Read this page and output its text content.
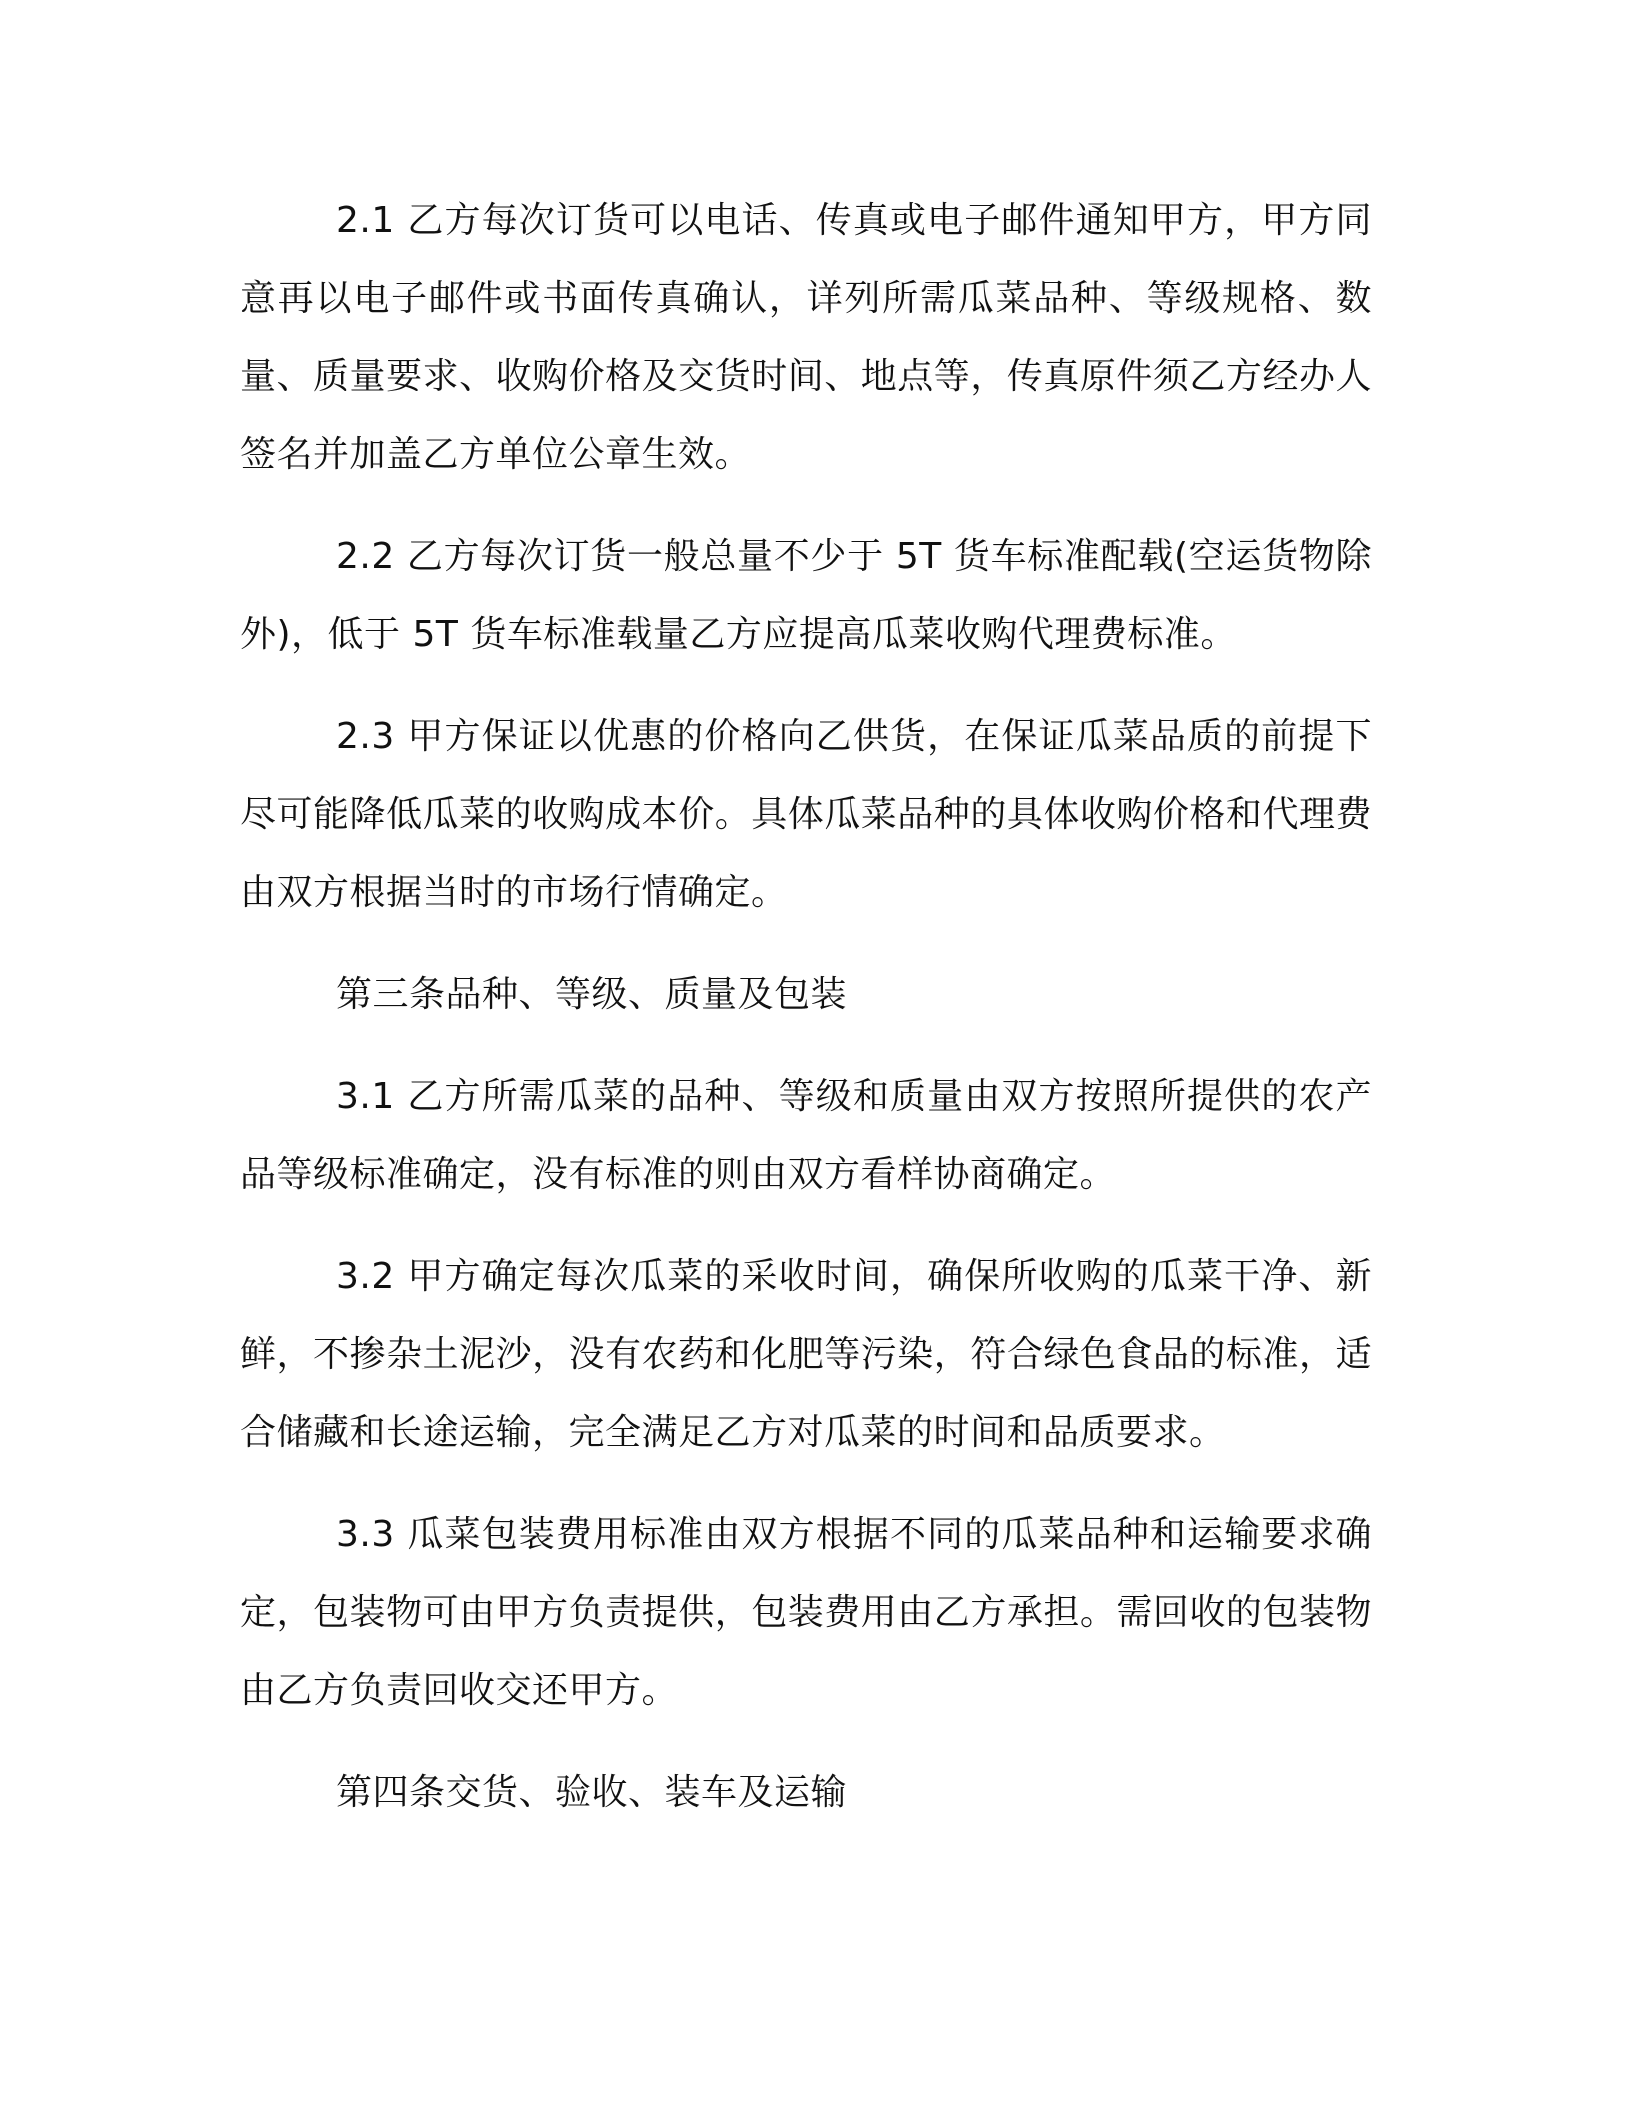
2.1 乙方每次订货可以电话、传真或电子邮件通知甲方，甲方同意再以电子邮件或书面传真确认，详列所需瓜菜品种、等级规格、数量、质量要求、收购价格及交货时间、地点等，传真原件须乙方经办人签名并加盖乙方单位公章生效。

2.2 乙方每次订货一般总量不少于 5T 货车标准配载(空运货物除外)，低于 5T 货车标准载量乙方应提高瓜菜收购代理费标准。

2.3 甲方保证以优惠的价格向乙供货，在保证瓜菜品质的前提下尽可能降低瓜菜的收购成本价。具体瓜菜品种的具体收购价格和代理费由双方根据当时的市场行情确定。

第三条品种、等级、质量及包装

3.1 乙方所需瓜菜的品种、等级和质量由双方按照所提供的农产品等级标准确定，没有标准的则由双方看样协商确定。

3.2 甲方确定每次瓜菜的采收时间，确保所收购的瓜菜干净、新鲜，不掺杂土泥沙，没有农药和化肥等污染，符合绿色食品的标准，适合储藏和长途运输，完全满足乙方对瓜菜的时间和品质要求。

3.3 瓜菜包装费用标准由双方根据不同的瓜菜品种和运输要求确定，包装物可由甲方负责提供，包装费用由乙方承担。需回收的包装物由乙方负责回收交还甲方。

第四条交货、验收、装车及运输
